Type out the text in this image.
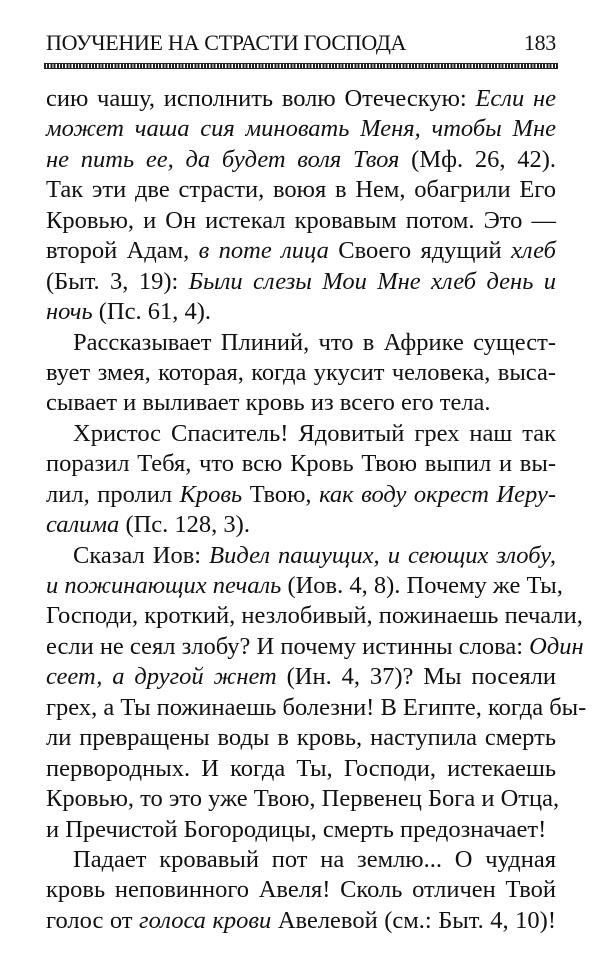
ПОУЧЕНИЕ НА СТРАСТИ ГОСПОДА	183
сию чашу, исполнить волю Отеческую: Если не
может чаша сия миновать Меня, чтобы Мне
не пить ее, да будет воля Твоя (Мф. 26, 42).
Так эти две страсти, воюя в Нем, обагрили Его
Кровью, и Он истекал кровавым потом. Это —
второй Адам, в поте лица Своего ядущий хлеб
(Быт. 3, 19): Были слезы Мои Мне хлеб день и
ночь (Пс. 61, 4).
Рассказывает Плиний, что в Африке сущест-
вует змея, которая, когда укусит человека, выса-
сывает и выливает кровь из всего его тела.
Христос Спаситель! Ядовитый грех наш так
поразил Тебя, что всю Кровь Твою выпил и вы-
лил, пролил Кровь Твою, как воду окрест Иеру-
салима (Пс. 128, 3).
Сказал Иов: Видел пашущих, и сеющих злобу,
и пожинающих печаль (Иов. 4, 8). Почему же Ты,
Господи, кроткий, незлобивый, пожинаешь печали,
если не сеял злобу? И почему истинны слова: Один
сеет, а другой жнет (Ин. 4, 37)? Мы посеяли
грех, а Ты пожинаешь болезни! В Египте, когда бы-
ли превращены воды в кровь, наступила смерть
первородных. И когда Ты, Господи, истекаешь
Кровью, то это уже Твою, Первенец Бога и Отца,
и Пречистой Богородицы, смерть предозначает!
Падает кровавый пот на землю... О чудная
кровь неповинного Авеля! Сколь отличен Твой
голос от голоса крови Авелевой (см.: Быт. 4, 10)!
